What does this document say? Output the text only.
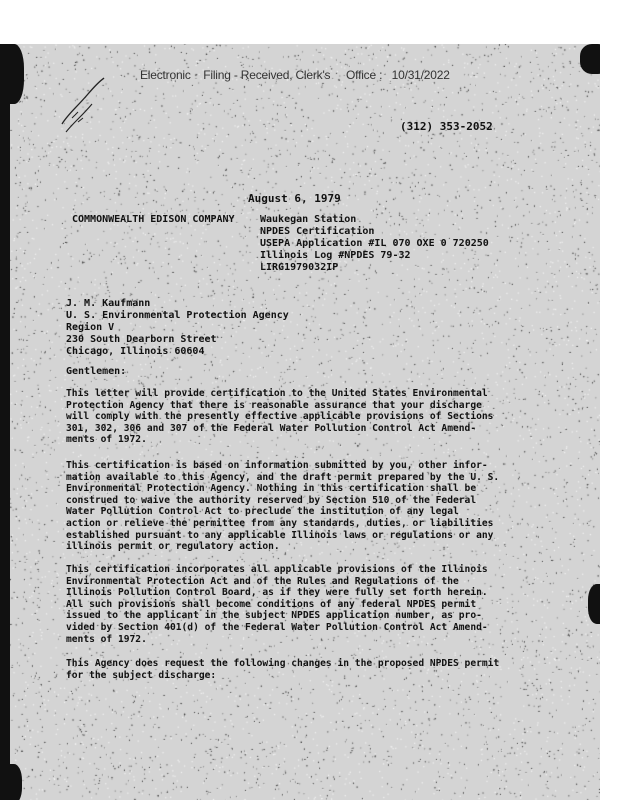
Electronic    Filing - Received, Clerk's     Office :   10/31/2022
(312) 353-2052
August 6, 1979
COMMONWEALTH EDISON COMPANY	Waukegan Station
NPDES Certification
USEPA Application #IL 070 OXE 0 720250
Illinois Log #NPDES 79-32
LIRG1979032IP
J. M. Kaufmann
U. S. Environmental Protection Agency
Region V
230 South Dearborn Street
Chicago, Illinois 60604
Gentlemen:
This letter will provide certification to the United States Environmental
Protection Agency that there is reasonable assurance that your discharge
will comply with the presently effective applicable provisions of Sections
301, 302, 306 and 307 of the Federal Water Pollution Control Act Amend-
ments of 1972.
This certification is based on information submitted by you, other infor-
mation available to this Agency, and the draft permit prepared by the U. S.
Environmental Protection Agency. Nothing in this certification shall be
construed to waive the authority reserved by Section 510 of the Federal
Water Pollution Control Act to preclude the institution of any legal
action or relieve the permittee from any standards, duties, or liabilities
established pursuant to any applicable Illinois laws or regulations or any
illinois permit or regulatory action.
This certification incorporates all applicable provisions of the Illinois
Environmental Protection Act and of the Rules and Regulations of the
Illinois Pollution Control Board, as if they were fully set forth herein.
All such provisions shall become conditions of any federal NPDES permit
issued to the applicant in the subject NPDES application number, as pro-
vided by Section 401(d) of the Federal Water Pollution Control Act Amend-
ments of 1972.
This Agency does request the following changes in the proposed NPDES permit
for the subject discharge:
